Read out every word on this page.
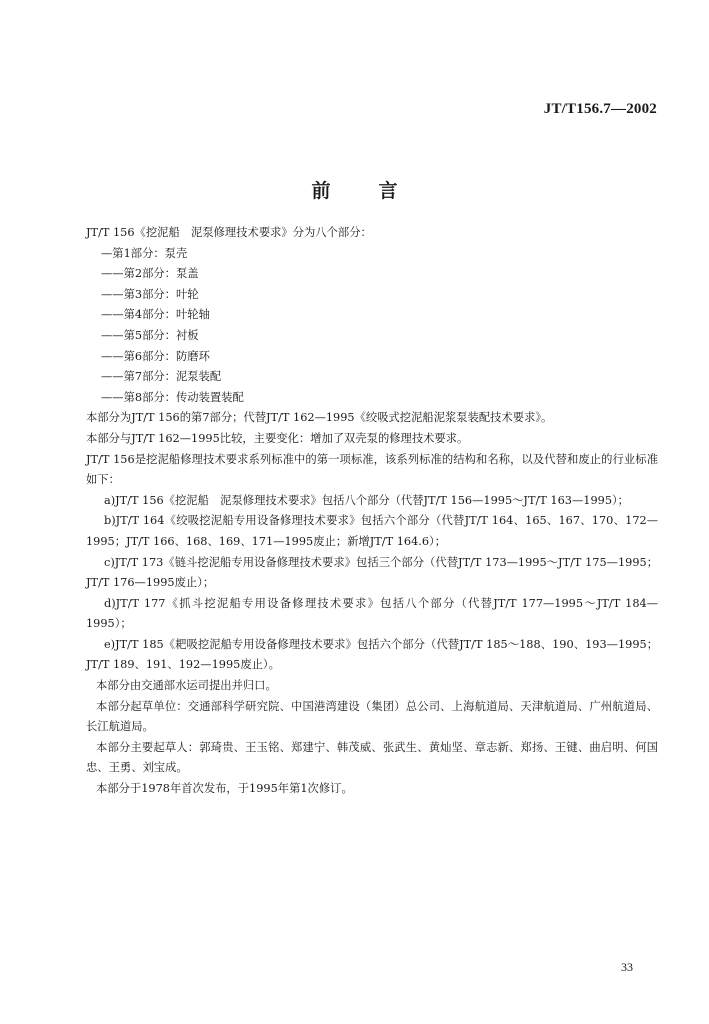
JT/T156.7—2002
前言

JT/T 156《挖泥船　泥泵修理技术要求》分为八个部分：

—第1部分：泵壳

——第2部分：泵盖

——第3部分：叶轮

——第4部分：叶轮轴

——第5部分：衬板

——第6部分：防磨环

——第7部分：泥泵装配

——第8部分：传动装置装配

本部分为JT/T 156的第7部分；代替JT/T 162—1995《绞吸式挖泥船泥浆泵装配技术要求》。

本部分与JT/T 162—1995比较，主要变化：增加了双壳泵的修理技术要求。

JT/T 156是挖泥船修理技术要求系列标准中的第一项标准，该系列标准的结构和名称，以及代替和废止的行业标准如下：

a)JT/T 156《挖泥船　泥泵修理技术要求》包括八个部分（代替JT/T 156—1995～JT/T 163—1995）；

b)JT/T 164《绞吸挖泥船专用设备修理技术要求》包括六个部分（代替JT/T 164、165、167、170、172—1995；JT/T 166、168、169、171—1995废止；新增JT/T 164.6）；

c)JT/T 173《链斗挖泥船专用设备修理技术要求》包括三个部分（代替JT/T 173—1995～JT/T 175—1995；JT/T 176—1995废止）；

d)JT/T 177《抓斗挖泥船专用设备修理技术要求》包括八个部分（代替JT/T 177—1995～JT/T 184—1995）；

e)JT/T 185《耙吸挖泥船专用设备修理技术要求》包括六个部分（代替JT/T 185～188、190、193—1995；JT/T 189、191、192—1995废止）。

本部分由交通部水运司提出并归口。

本部分起草单位：交通部科学研究院、中国港湾建设（集团）总公司、上海航道局、天津航道局、广州航道局、长江航道局。

本部分主要起草人：郭琦贵、王玉铭、郑建宁、韩茂威、张武生、黄灿坚、章志新、郑扬、王键、曲启明、何国忠、王勇、刘宝成。

本部分于1978年首次发布，于1995年第1次修订。

33
